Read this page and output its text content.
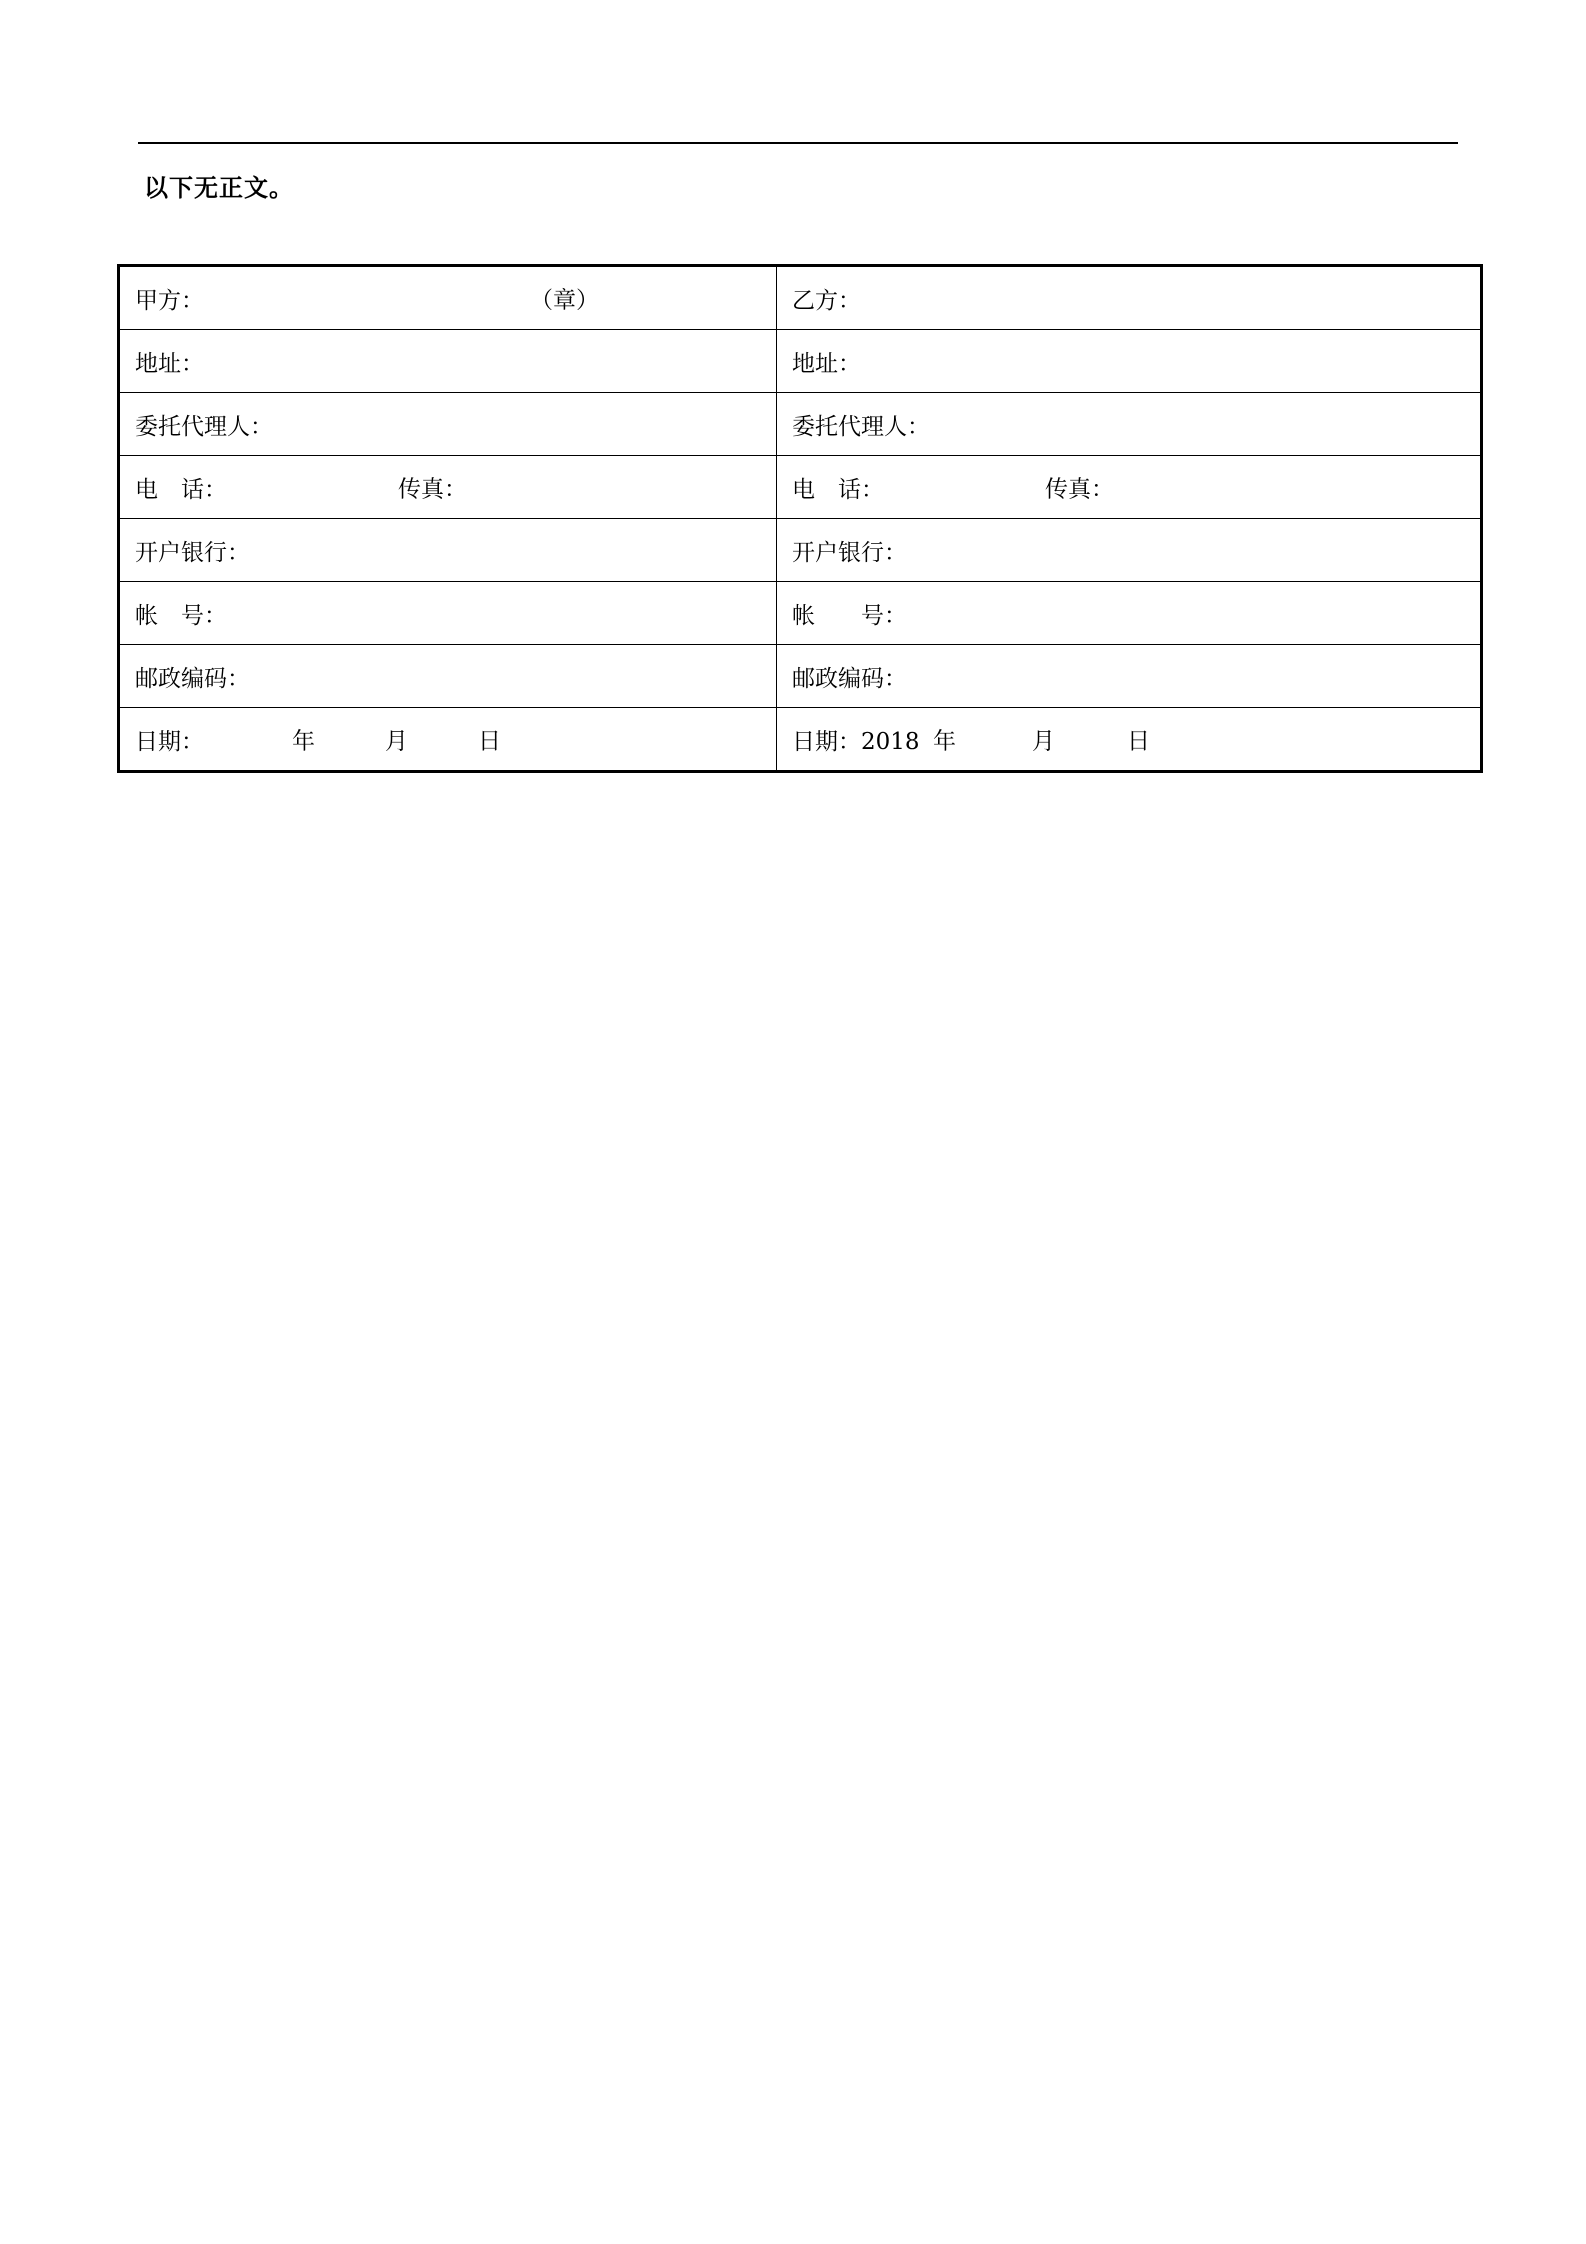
以下无正文。
甲方： （章）	乙方：
地址：	地址：
委托代理人：	委托代理人：
电　话： 传真：	电　话： 传真：

开户银行：	开户银行：
帐　号：	帐　　号：
邮政编码：	邮政编码：
日期： 年 月 日	日期：2018 年 月 日
